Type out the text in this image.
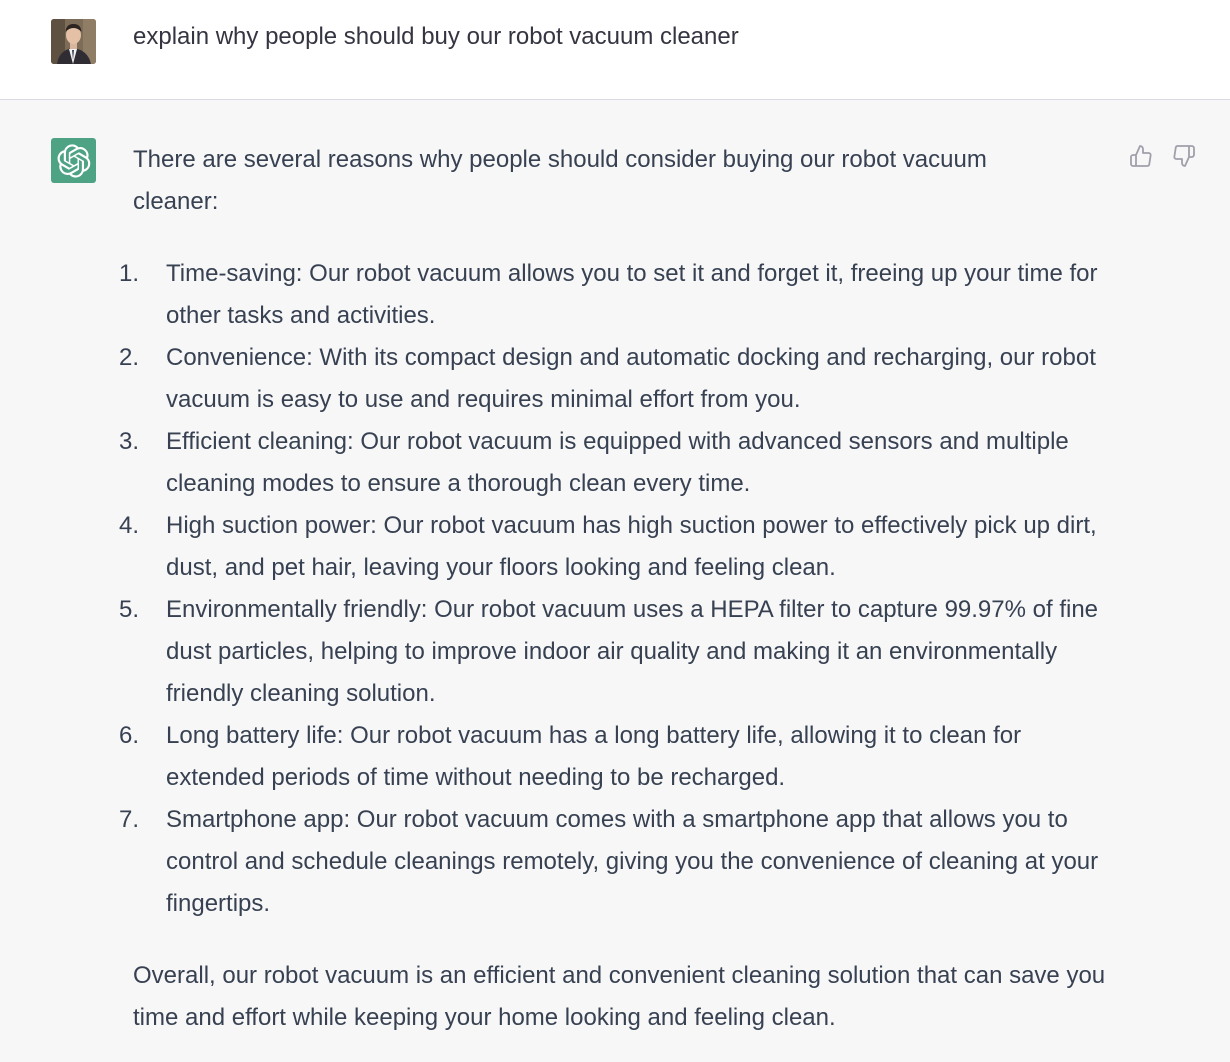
explain why people should buy our robot vacuum cleaner

There are several reasons why people should consider buying our robot vacuum cleaner:

1.	Time-saving: Our robot vacuum allows you to set it and forget it, freeing up your time for other tasks and activities.
2.	Convenience: With its compact design and automatic docking and recharging, our robot vacuum is easy to use and requires minimal effort from you.
3.	Efficient cleaning: Our robot vacuum is equipped with advanced sensors and multiple cleaning modes to ensure a thorough clean every time.
4.	High suction power: Our robot vacuum has high suction power to effectively pick up dirt, dust, and pet hair, leaving your floors looking and feeling clean.
5.	Environmentally friendly: Our robot vacuum uses a HEPA filter to capture 99.97% of fine dust particles, helping to improve indoor air quality and making it an environmentally friendly cleaning solution.
6.	Long battery life: Our robot vacuum has a long battery life, allowing it to clean for extended periods of time without needing to be recharged.
7.	Smartphone app: Our robot vacuum comes with a smartphone app that allows you to control and schedule cleanings remotely, giving you the convenience of cleaning at your fingertips.

Overall, our robot vacuum is an efficient and convenient cleaning solution that can save you time and effort while keeping your home looking and feeling clean.
